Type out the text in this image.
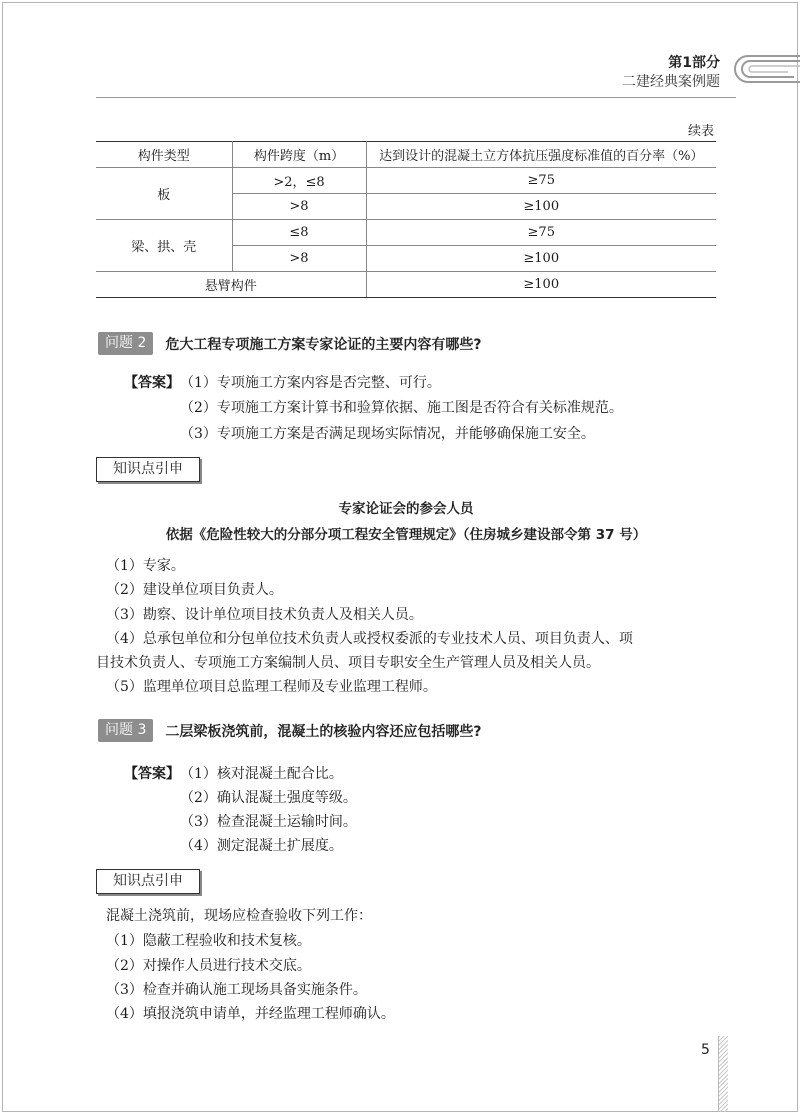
第1部分
二建经典案例题
续表
构件类型	构件跨度（m）	达到设计的混凝土立方体抗压强度标准值的百分率（%）
板	>2，≤8	≥75
	>8	≥100
梁、拱、壳	≤8	≥75
	>8	≥100
悬臂构件		≥100
问题 2	危大工程专项施工方案专家论证的主要内容有哪些?
【答案】 （1）专项施工方案内容是否完整、可行。
（2）专项施工方案计算书和验算依据、施工图是否符合有关标准规范。
（3）专项施工方案是否满足现场实际情况，并能够确保施工安全。
知识点引申
专家论证会的参会人员
依据《危险性较大的分部分项工程安全管理规定》（住房城乡建设部令第 37 号）
（1）专家。
（2）建设单位项目负责人。
（3）勘察、设计单位项目技术负责人及相关人员。
（4）总承包单位和分包单位技术负责人或授权委派的专业技术人员、项目负责人、项
目技术负责人、专项施工方案编制人员、项目专职安全生产管理人员及相关人员。
（5）监理单位项目总监理工程师及专业监理工程师。
问题 3	二层梁板浇筑前，混凝土的核验内容还应包括哪些?
【答案】 （1）核对混凝土配合比。
（2）确认混凝土强度等级。
（3）检查混凝土运输时间。
（4）测定混凝土扩展度。
知识点引申
混凝土浇筑前，现场应检查验收下列工作：
（1）隐蔽工程验收和技术复核。
（2）对操作人员进行技术交底。
（3）检查并确认施工现场具备实施条件。
（4）填报浇筑申请单，并经监理工程师确认。
5
